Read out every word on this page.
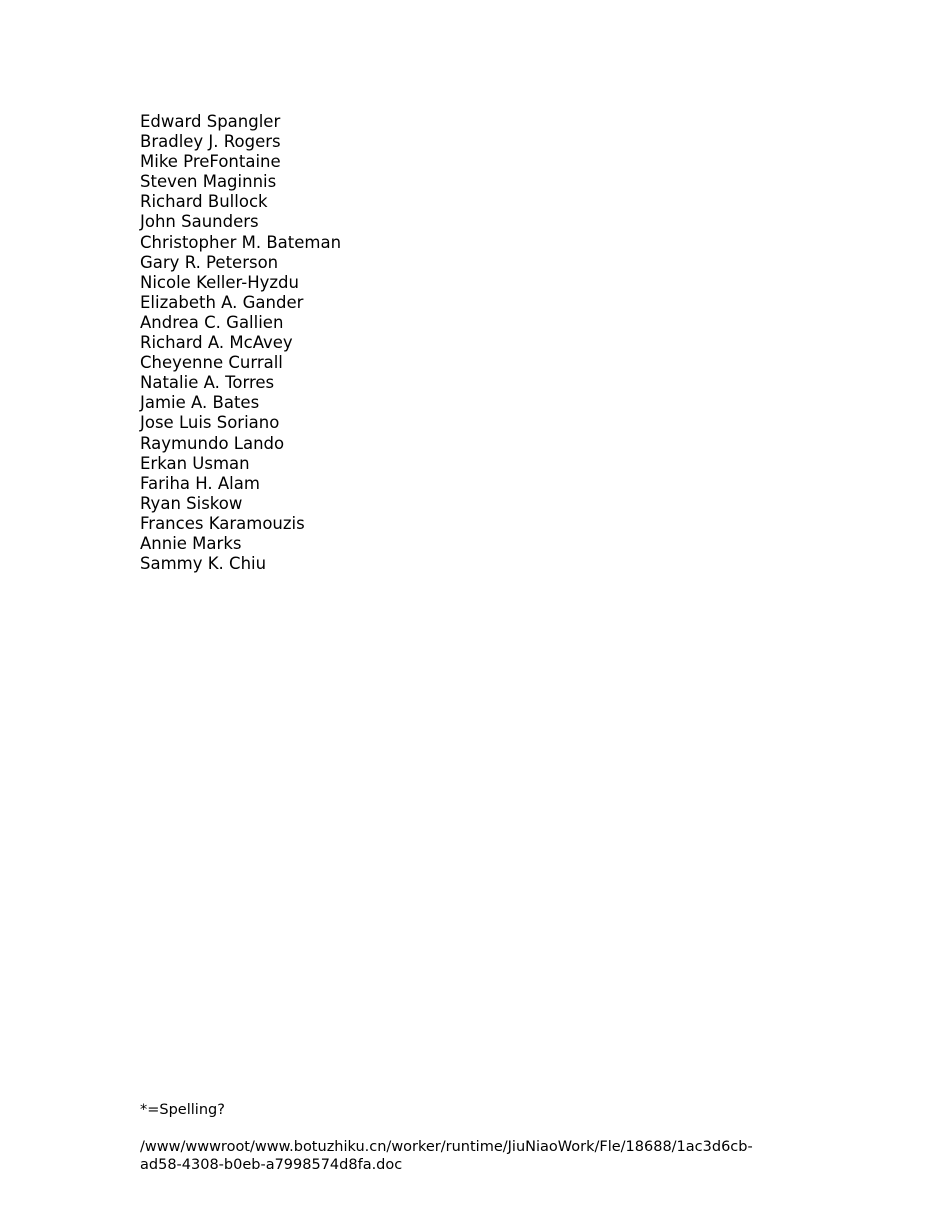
Edward Spangler
Bradley J. Rogers
Mike PreFontaine
Steven Maginnis
Richard Bullock
John Saunders
Christopher M. Bateman
Gary R. Peterson
Nicole Keller-Hyzdu
Elizabeth A. Gander
Andrea C. Gallien
Richard A. McAvey
Cheyenne Currall
Natalie A. Torres
Jamie A. Bates
Jose Luis Soriano
Raymundo Lando
Erkan Usman
Fariha H. Alam
Ryan Siskow
Frances Karamouzis
Annie Marks
Sammy K. Chiu

*=Spelling?

/www/wwwroot/www.botuzhiku.cn/worker/runtime/JiuNiaoWork/Fle/18688/1ac3d6cb-
ad58-4308-b0eb-a7998574d8fa.doc
